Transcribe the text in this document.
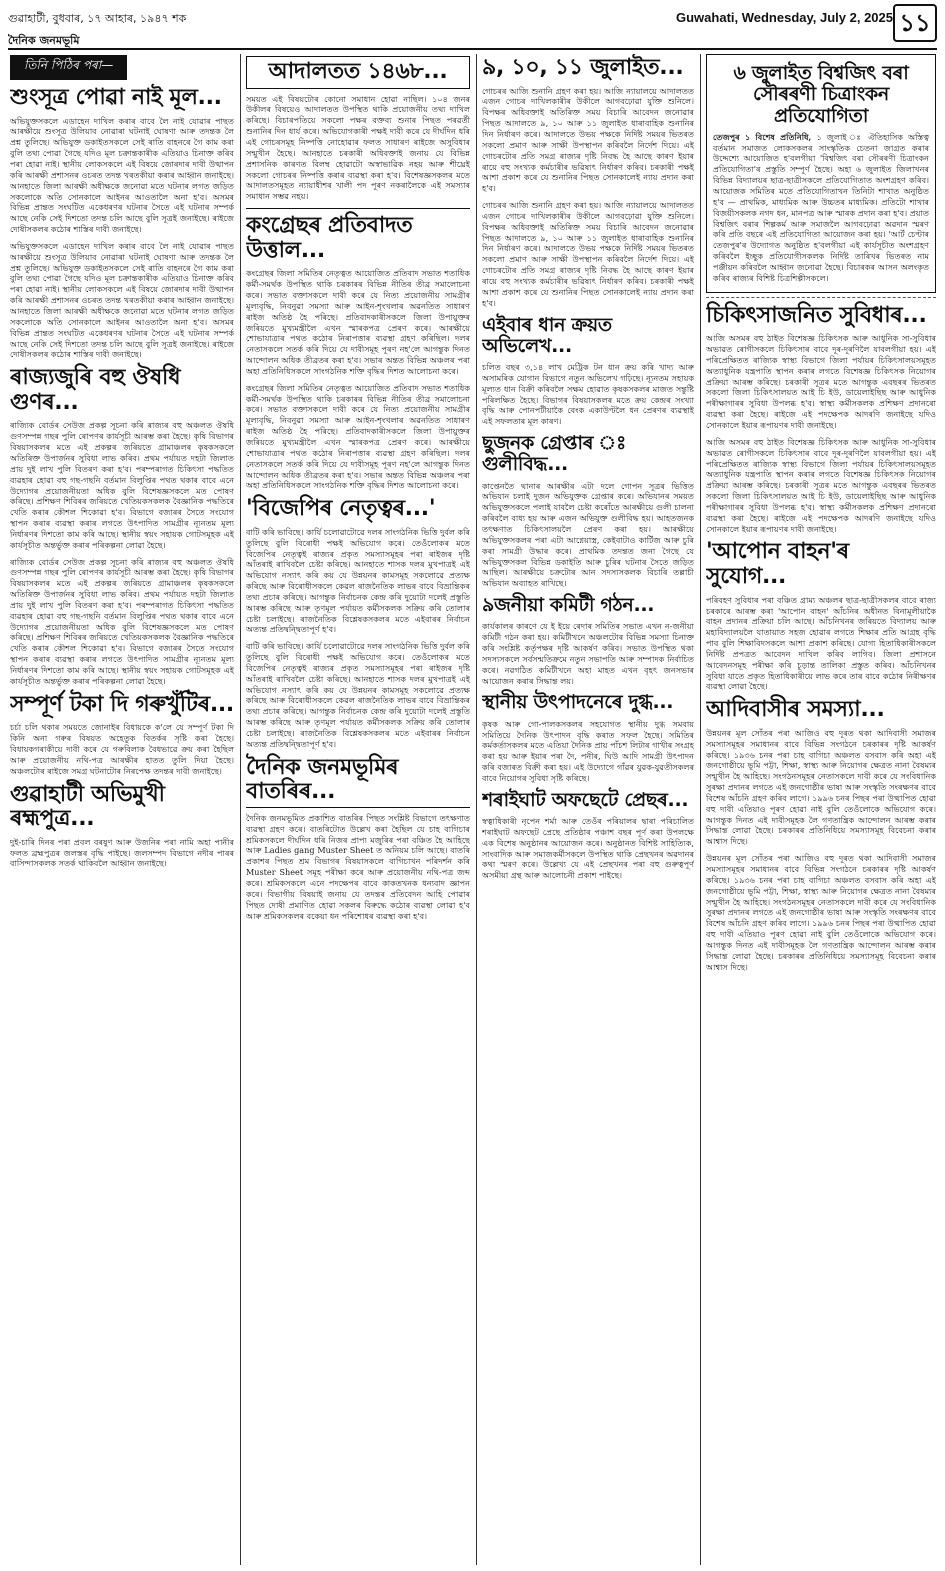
গুৱাহাটী, বুধবাৰ, ১৭ আহাৰ, ১৯৪৭ শক
দৈনিক জনমভূমি
Guwahati, Wednesday, July 2, 2025 ১১
তিনি পিঠিৰ পৰা—
শুংসূত্ৰ পোৱা নাই মূল...

অভিযুক্তসকলে এডাহেন দাখিল কৰাৰ বাবে লৈ নাই যোৱাৰ পাছত আৰক্ষীয়ে শুংসূত্ৰ উলিয়াব নোৱাৰা ঘটনাই ঘোষণা আৰু তদন্তক লৈ প্ৰশ্ন তুলিছে। অভিযুক্ত ডকাইতসকলে সেই ৰাতি বাহনৰে গৈ কাম কৰা বুলি তথ্য পোৱা গৈছে যদিও মূল চক্ৰান্তকাৰীক এতিয়াও চিনাক্ত কৰিব পৰা হোৱা নাই। স্থানীয় লোকসকলে এই বিষয়ে জোৰদাৰ দাবী উত্থাপন কৰি আৰক্ষী প্ৰশাসনৰ ওচৰত তদন্ত খৰতকীয়া কৰাৰ আহ্বান জনাইছে। আনহাতে জিলা আৰক্ষী অধীক্ষকে জনোৱা মতে ঘটনাৰ লগত জড়িত সকলোকে অতি সোনকালে আইনৰ আওতালৈ অনা হ'ব। অসমৰ বিভিন্ন প্ৰান্তত সংঘটিত একেধৰণৰ ঘটনাৰ সৈতে এই ঘটনাৰ সম্পৰ্ক আছে নেকি সেই দিশতো তদন্ত চলি আছে বুলি সূত্ৰই জনাইছে। ৰাইজে দোষীসকলৰ কঠোৰ শাস্তিৰ দাবী জনাইছে।

অভিযুক্তসকলে এডাহেন দাখিল কৰাৰ বাবে লৈ নাই যোৱাৰ পাছত আৰক্ষীয়ে শুংসূত্ৰ উলিয়াব নোৱাৰা ঘটনাই ঘোষণা আৰু তদন্তক লৈ প্ৰশ্ন তুলিছে। অভিযুক্ত ডকাইতসকলে সেই ৰাতি বাহনৰে গৈ কাম কৰা বুলি তথ্য পোৱা গৈছে যদিও মূল চক্ৰান্তকাৰীক এতিয়াও চিনাক্ত কৰিব পৰা হোৱা নাই। স্থানীয় লোকসকলে এই বিষয়ে জোৰদাৰ দাবী উত্থাপন কৰি আৰক্ষী প্ৰশাসনৰ ওচৰত তদন্ত খৰতকীয়া কৰাৰ আহ্বান জনাইছে। আনহাতে জিলা আৰক্ষী অধীক্ষকে জনোৱা মতে ঘটনাৰ লগত জড়িত সকলোকে অতি সোনকালে আইনৰ আওতালৈ অনা হ'ব। অসমৰ বিভিন্ন প্ৰান্তত সংঘটিত একেধৰণৰ ঘটনাৰ সৈতে এই ঘটনাৰ সম্পৰ্ক আছে নেকি সেই দিশতো তদন্ত চলি আছে বুলি সূত্ৰই জনাইছে। ৰাইজে দোষীসকলৰ কঠোৰ শাস্তিৰ দাবী জনাইছে।

ৰাজ্যজুৰি বহু ঔষধি গুণৰ...

ৰাজ্যিক বোৰ্ডৰ সেউজ প্ৰকল্প সূচনা কৰি ৰাজ্যৰ বহু অঞ্চলত ঔষধি গুণসম্পন্ন গছৰ পুলি ৰোপণৰ কাৰ্যসূচী আৰম্ভ কৰা হৈছে। কৃষি বিভাগৰ বিষয়াসকলৰ মতে এই প্ৰকল্পৰ জৰিয়তে গ্ৰামাঞ্চলৰ কৃষকসকলে অতিৰিক্ত উপাৰ্জনৰ সুবিধা লাভ কৰিব। প্ৰথম পৰ্যায়ত দহটা জিলাত প্ৰায় দুই লাখ পুলি বিতৰণ কৰা হ'ব। পৰম্পৰাগত চিকিৎসা পদ্ধতিত ব্যৱহাৰ হোৱা বহু গছ-গছনি বৰ্তমান বিলুপ্তিৰ পথত থকাৰ বাবে এনে উদ্যোগৰ প্ৰয়োজনীয়তা অধিক বুলি বিশেষজ্ঞসকলে মত পোষণ কৰিছে। প্ৰশিক্ষণ শিবিৰৰ জৰিয়তে খেতিয়কসকলক বৈজ্ঞানিক পদ্ধতিৰে খেতি কৰাৰ কৌশল শিকোৱা হ'ব। বিভাগে বজাৰৰ সৈতে সংযোগ স্থাপন কৰাৰ ব্যৱস্থা কৰাৰ লগতে উৎপাদিত সামগ্ৰীৰ ন্যূনতম মূল্য নিৰ্ধাৰণৰ দিশতো কাম কৰি আছে। স্থানীয় স্বয়ং সহায়ক গোটসমূহক এই কাৰ্যসূচীত অন্তৰ্ভুক্ত কৰাৰ পৰিকল্পনা লোৱা হৈছে।

ৰাজ্যিক বোৰ্ডৰ সেউজ প্ৰকল্প সূচনা কৰি ৰাজ্যৰ বহু অঞ্চলত ঔষধি গুণসম্পন্ন গছৰ পুলি ৰোপণৰ কাৰ্যসূচী আৰম্ভ কৰা হৈছে। কৃষি বিভাগৰ বিষয়াসকলৰ মতে এই প্ৰকল্পৰ জৰিয়তে গ্ৰামাঞ্চলৰ কৃষকসকলে অতিৰিক্ত উপাৰ্জনৰ সুবিধা লাভ কৰিব। প্ৰথম পৰ্যায়ত দহটা জিলাত প্ৰায় দুই লাখ পুলি বিতৰণ কৰা হ'ব। পৰম্পৰাগত চিকিৎসা পদ্ধতিত ব্যৱহাৰ হোৱা বহু গছ-গছনি বৰ্তমান বিলুপ্তিৰ পথত থকাৰ বাবে এনে উদ্যোগৰ প্ৰয়োজনীয়তা অধিক বুলি বিশেষজ্ঞসকলে মত পোষণ কৰিছে। প্ৰশিক্ষণ শিবিৰৰ জৰিয়তে খেতিয়কসকলক বৈজ্ঞানিক পদ্ধতিৰে খেতি কৰাৰ কৌশল শিকোৱা হ'ব। বিভাগে বজাৰৰ সৈতে সংযোগ স্থাপন কৰাৰ ব্যৱস্থা কৰাৰ লগতে উৎপাদিত সামগ্ৰীৰ ন্যূনতম মূল্য নিৰ্ধাৰণৰ দিশতো কাম কৰি আছে। স্থানীয় স্বয়ং সহায়ক গোটসমূহক এই কাৰ্যসূচীত অন্তৰ্ভুক্ত কৰাৰ পৰিকল্পনা লোৱা হৈছে।

সম্পূৰ্ণ টকা দি গৰুখুঁটিৰ...

চৰ্চা চলি থকাৰ সময়তে জোনাইৰ বিধায়কে ক'লে যে সম্পূৰ্ণ টকা দি কিনি অনা গৰুৰ বিষয়ত অহেতুক বিতৰ্কৰ সৃষ্টি কৰা হৈছে। বিধায়কগৰাকীয়ে দাবী কৰে যে গৰুবিলাক বৈধভাৱে ক্ৰয় কৰা হৈছিল আৰু প্ৰয়োজনীয় নথি-পত্ৰ আৰক্ষীৰ হাতত তুলি দিয়া হৈছে। অঞ্চলটোৰ ৰাইজে সমগ্ৰ ঘটনাটোৰ নিৰপেক্ষ তদন্তৰ দাবী জনাইছে।

গুৱাহাটী অভিমুখী ৰহ্মপুত্ৰ...

দুই-চাৰি দিনৰ পৰা প্ৰবল বৰষুণ আৰু উজনিৰ পৰা নামি অহা পানীৰ ফলত ব্ৰহ্মপুত্ৰৰ জলস্তৰ বৃদ্ধি পাইছে। জলসম্পদ বিভাগে নদীৰ পাৰৰ বাসিন্দাসকলক সতৰ্ক থাকিবলৈ আহ্বান জনাইছে।

আদালতত ১৪৬৮...

সময়ত এই বিষয়টোৰ কোনো সমাধান হোৱা নাছিল। ১০৪ জনৰ উকীলৰ বিষয়েও আদালতত উপস্থিত থাকি প্ৰয়োজনীয় তথ্য দাখিল কৰিছে। বিচাৰপতিয়ে সকলো পক্ষৰ বক্তব্য শুনাৰ পিছত পৰৱৰ্তী শুনানিৰ দিন ধাৰ্য কৰে। অভিযোগকাৰী পক্ষই দাবী কৰে যে দীৰ্ঘদিন ধৰি এই গোচৰসমূহ নিষ্পত্তি নোহোৱাৰ ফলত সাধাৰণ ৰাইজে অসুবিধাৰ সন্মুখীন হৈছে। আনহাতে চৰকাৰী অধিবক্তাই জনায় যে বিভিন্ন প্ৰশাসনিক কাৰণত বিলম্ব হোৱাটো অস্বাভাৱিক নহয় আৰু শীঘ্ৰেই সকলো গোচৰৰ নিষ্পত্তি কৰাৰ ব্যৱস্থা কৰা হ'ব। বিশেষজ্ঞসকলৰ মতে আদালতসমূহত ন্যায়াধীশৰ খালী পদ পূৰণ নকৰালৈকে এই সমস্যাৰ সমাধান সম্ভৱ নহয়।

কংগ্ৰেছৰ প্ৰতিবাদত উত্তাল...

কংগ্ৰেছৰ জিলা সমিতিৰ নেতৃত্বত আয়োজিত প্ৰতিবাদ সভাত শতাধিক কৰ্মী-সমৰ্থক উপস্থিত থাকি চৰকাৰৰ বিভিন্ন নীতিৰ তীব্ৰ সমালোচনা কৰে। সভাত বক্তাসকলে দাবী কৰে যে নিত্য প্ৰয়োজনীয় সামগ্ৰীৰ মূল্যবৃদ্ধি, নিবনুৱা সমস্যা আৰু আইন-শৃংখলাৰ অৱনতিত সাধাৰণ ৰাইজ অতিষ্ঠ হৈ পৰিছে। প্ৰতিবাদকাৰীসকলে জিলা উপায়ুক্তৰ জৰিয়তে মুখ্যমন্ত্ৰীলৈ এখন স্মাৰকপত্ৰ প্ৰেৰণ কৰে। আৰক্ষীয়ে শোভাযাত্ৰাৰ পথত কঠোৰ নিৰাপত্তাৰ ব্যৱস্থা গ্ৰহণ কৰিছিল। দলৰ নেতাসকলে সতৰ্ক কৰি দিয়ে যে দাবীসমূহ পূৰণ নহ'লে আগন্তুক দিনত আন্দোলন অধিক তীব্ৰতৰ কৰা হ'ব। সভাৰ অন্তত বিভিন্ন অঞ্চলৰ পৰা অহা প্ৰতিনিধিসকলে সাংগঠনিক শক্তি বৃদ্ধিৰ দিশত আলোচনা কৰে।

কংগ্ৰেছৰ জিলা সমিতিৰ নেতৃত্বত আয়োজিত প্ৰতিবাদ সভাত শতাধিক কৰ্মী-সমৰ্থক উপস্থিত থাকি চৰকাৰৰ বিভিন্ন নীতিৰ তীব্ৰ সমালোচনা কৰে। সভাত বক্তাসকলে দাবী কৰে যে নিত্য প্ৰয়োজনীয় সামগ্ৰীৰ মূল্যবৃদ্ধি, নিবনুৱা সমস্যা আৰু আইন-শৃংখলাৰ অৱনতিত সাধাৰণ ৰাইজ অতিষ্ঠ হৈ পৰিছে। প্ৰতিবাদকাৰীসকলে জিলা উপায়ুক্তৰ জৰিয়তে মুখ্যমন্ত্ৰীলৈ এখন স্মাৰকপত্ৰ প্ৰেৰণ কৰে। আৰক্ষীয়ে শোভাযাত্ৰাৰ পথত কঠোৰ নিৰাপত্তাৰ ব্যৱস্থা গ্ৰহণ কৰিছিল। দলৰ নেতাসকলে সতৰ্ক কৰি দিয়ে যে দাবীসমূহ পূৰণ নহ'লে আগন্তুক দিনত আন্দোলন অধিক তীব্ৰতৰ কৰা হ'ব। সভাৰ অন্তত বিভিন্ন অঞ্চলৰ পৰা অহা প্ৰতিনিধিসকলে সাংগঠনিক শক্তি বৃদ্ধিৰ দিশত আলোচনা কৰে।

'বিজেপিৰ নেতৃত্বৰ...'

বাটি কৰি ভাবিছে। কাৰ্যি চলোৱাটোৱে দলৰ সাংগঠনিক ভিত্তি দুৰ্বল কৰি তুলিছে বুলি বিৰোধী পক্ষই অভিযোগ কৰে। তেওঁলোকৰ মতে বিজেপিৰ নেতৃত্বই ৰাজ্যৰ প্ৰকৃত সমস্যাসমূহৰ পৰা ৰাইজৰ দৃষ্টি আঁতৰাই ৰাখিবলৈ চেষ্টা কৰিছে। আনহাতে শাসক দলৰ মুখপাত্ৰই এই অভিযোগ নস্যাৎ কৰি কয় যে উন্নয়নৰ কামসমূহ সকলোৱে প্ৰত্যক্ষ কৰিছে আৰু বিৰোধীসকলে কেৱল ৰাজনৈতিক লাভৰ বাবে বিভ্ৰান্তিকৰ তথ্য প্ৰচাৰ কৰিছে। আগন্তুক নিৰ্বাচনক কেন্দ্ৰ কৰি দুয়োটা দলেই প্ৰস্তুতি আৰম্ভ কৰিছে আৰু তৃণমূল পৰ্যায়ত কৰ্মীসকলক সক্ৰিয় কৰি তোলাৰ চেষ্টা চলাইছে। ৰাজনৈতিক বিশ্লেষকসকলৰ মতে এইবাৰৰ নিৰ্বাচন অত্যন্ত প্ৰতিদ্বন্দ্বিতাপূৰ্ণ হ'ব।

বাটি কৰি ভাবিছে। কাৰ্যি চলোৱাটোৱে দলৰ সাংগঠনিক ভিত্তি দুৰ্বল কৰি তুলিছে বুলি বিৰোধী পক্ষই অভিযোগ কৰে। তেওঁলোকৰ মতে বিজেপিৰ নেতৃত্বই ৰাজ্যৰ প্ৰকৃত সমস্যাসমূহৰ পৰা ৰাইজৰ দৃষ্টি আঁতৰাই ৰাখিবলৈ চেষ্টা কৰিছে। আনহাতে শাসক দলৰ মুখপাত্ৰই এই অভিযোগ নস্যাৎ কৰি কয় যে উন্নয়নৰ কামসমূহ সকলোৱে প্ৰত্যক্ষ কৰিছে আৰু বিৰোধীসকলে কেৱল ৰাজনৈতিক লাভৰ বাবে বিভ্ৰান্তিকৰ তথ্য প্ৰচাৰ কৰিছে। আগন্তুক নিৰ্বাচনক কেন্দ্ৰ কৰি দুয়োটা দলেই প্ৰস্তুতি আৰম্ভ কৰিছে আৰু তৃণমূল পৰ্যায়ত কৰ্মীসকলক সক্ৰিয় কৰি তোলাৰ চেষ্টা চলাইছে। ৰাজনৈতিক বিশ্লেষকসকলৰ মতে এইবাৰৰ নিৰ্বাচন অত্যন্ত প্ৰতিদ্বন্দ্বিতাপূৰ্ণ হ'ব।

দৈনিক জনমভূমিৰ বাতৰিৰ...

দৈনিক জনমভূমিত প্ৰকাশিত বাতৰিৰ পিছত সংশ্লিষ্ট বিভাগে তৎক্ষণাত ব্যৱস্থা গ্ৰহণ কৰে। বাতৰিটোত উল্লেখ কৰা হৈছিল যে চাহ বাগিচাৰ শ্ৰমিকসকলে দীৰ্ঘদিন ধৰি নিজৰ প্ৰাপ্য মজুৰিৰ পৰা বঞ্চিত হৈ আহিছে আৰু Ladies gang Muster Sheet ত অনিয়ম চলি আছে। বাতৰি প্ৰকাশৰ পিছত শ্ৰম বিভাগৰ বিষয়াসকলে বাগিচাখন পৰিদৰ্শন কৰি Muster Sheet সমূহ পৰীক্ষা কৰে আৰু প্ৰয়োজনীয় নথি-পত্ৰ জব্দ কৰে। শ্ৰমিকসকলে এনে পদক্ষেপৰ বাবে কাকতখনক ধন্যবাদ জ্ঞাপন কৰে। বিভাগীয় বিষয়াই জনায় যে তদন্তৰ প্ৰতিবেদন আহি পোৱাৰ পিছত দোষী প্ৰমাণিত হোৱা সকলৰ বিৰুদ্ধে কঠোৰ ব্যৱস্থা লোৱা হ'ব আৰু শ্ৰমিকসকলৰ বকেয়া ধন পৰিশোধৰ ব্যৱস্থা কৰা হ'ব।

৯, ১০, ১১ জুলাইত...

গোচৰৰ আজি শুনানি গ্ৰহণ কৰা হয়। আজি ন্যায়ালয়ে আদালতত এজন গোচৰ দাখিলকাৰীৰ উকীলে আগবঢ়োৱা যুক্তি শুনিলে। বিপক্ষৰ অধিবক্তাই অতিৰিক্ত সময় বিচাৰি আবেদন জনোৱাৰ পিছত আদালতে ৯, ১০ আৰু ১১ জুলাইত ধাৰাবাহিক শুনানিৰ দিন নিৰ্ধাৰণ কৰে। আদালতে উভয় পক্ষকে নিৰ্দিষ্ট সময়ৰ ভিতৰত সকলো প্ৰমাণ আৰু সাক্ষী উপস্থাপন কৰিবলৈ নিৰ্দেশ দিয়ে। এই গোচৰটোৰ প্ৰতি সমগ্ৰ ৰাজ্যৰ দৃষ্টি নিবদ্ধ হৈ আছে কাৰণ ইয়াৰ ৰায়ে বহু সংখ্যক কৰ্মচাৰীৰ ভৱিষ্যৎ নিৰ্ধাৰণ কৰিব। চৰকাৰী পক্ষই আশা প্ৰকাশ কৰে যে শুনানিৰ পিছত সোনকালেই ন্যায় প্ৰদান কৰা হ'ব।

গোচৰৰ আজি শুনানি গ্ৰহণ কৰা হয়। আজি ন্যায়ালয়ে আদালতত এজন গোচৰ দাখিলকাৰীৰ উকীলে আগবঢ়োৱা যুক্তি শুনিলে। বিপক্ষৰ অধিবক্তাই অতিৰিক্ত সময় বিচাৰি আবেদন জনোৱাৰ পিছত আদালতে ৯, ১০ আৰু ১১ জুলাইত ধাৰাবাহিক শুনানিৰ দিন নিৰ্ধাৰণ কৰে। আদালতে উভয় পক্ষকে নিৰ্দিষ্ট সময়ৰ ভিতৰত সকলো প্ৰমাণ আৰু সাক্ষী উপস্থাপন কৰিবলৈ নিৰ্দেশ দিয়ে। এই গোচৰটোৰ প্ৰতি সমগ্ৰ ৰাজ্যৰ দৃষ্টি নিবদ্ধ হৈ আছে কাৰণ ইয়াৰ ৰায়ে বহু সংখ্যক কৰ্মচাৰীৰ ভৱিষ্যৎ নিৰ্ধাৰণ কৰিব। চৰকাৰী পক্ষই আশা প্ৰকাশ কৰে যে শুনানিৰ পিছত সোনকালেই ন্যায় প্ৰদান কৰা হ'ব।

এইবাৰ ধান ক্ৰয়ত অভিলেখ...

চলিত বছৰ ৩,১৪ লাখ মেট্ৰিক টন ধান ক্ৰয় কৰি খাদ্য আৰু অসামৰিক যোগান বিভাগে নতুন অভিলেখ গঢ়িছে। ন্যূনতম সহায়ক মূল্যত ধান বিক্ৰী কৰিবলৈ সক্ষম হোৱাত কৃষকসকলৰ মাজত সন্তুষ্টি পৰিলক্ষিত হৈছে। বিভাগৰ বিষয়াসকলৰ মতে ক্ৰয় কেন্দ্ৰৰ সংখ্যা বৃদ্ধি আৰু পোনপটীয়াকৈ বেংক একাউণ্টলৈ ধন প্ৰেৰণৰ ব্যৱস্থাই এই সফলতাৰ মূল কাৰণ।

ছুজনক গ্ৰেপ্তাৰ ঃ গুলীবিদ্ধ...

কাপ্তেনতৈ থানাৰ আৰক্ষীৰ এটা দলে গোপন সূত্ৰৰ ভিত্তিত অভিযান চলাই দুজন অভিযুক্তক গ্ৰেপ্তাৰ কৰে। অভিযানৰ সময়ত অভিযুক্তসকলে পলাই যাবলৈ চেষ্টা কৰোঁতে আৰক্ষীয়ে গুলী চালনা কৰিবলৈ বাধ্য হয় আৰু এজন অভিযুক্ত গুলীবিদ্ধ হয়। আহতজনক তৎক্ষণাত চিকিৎসালয়লৈ প্ৰেৰণ কৰা হয়। আৰক্ষীয়ে অভিযুক্তসকলৰ পৰা এটা আগ্নেয়াস্ত্ৰ, কেইবাটাও কাৰ্টিজ আৰু চুৰি কৰা সামগ্ৰী উদ্ধাৰ কৰে। প্ৰাথমিক তদন্তত জনা গৈছে যে অভিযুক্তসকল বিভিন্ন ডকাইতি আৰু চুৰিৰ ঘটনাৰ সৈতে জড়িত আছিল। আৰক্ষীয়ে চক্ৰটোৰ আন সদস্যসকলক বিচাৰি তল্লাচী অভিযান অব্যাহত ৰাখিছে।

৯জনীয়া কমিটী গঠন...

কাৰ্যকালৰ কাৰণে যে ই ইয়ে ৰেদাৰ সমিতিৰ সভাত এখন ন-জনীয়া কমিটী গঠন কৰা হয়। কমিটীখনে অঞ্চলটোৰ বিভিন্ন সমস্যা চিনাক্ত কৰি সংশ্লিষ্ট কৰ্তৃপক্ষৰ দৃষ্টি আকৰ্ষণ কৰিব। সভাত উপস্থিত থকা সদস্যসকলে সৰ্বসন্মতিক্ৰমে নতুন সভাপতি আৰু সম্পাদক নিৰ্বাচিত কৰে। নৱগঠিত কমিটীখনে অহা মাহত এখন বৃহৎ জনসভাৰ আয়োজন কৰাৰ সিদ্ধান্ত লয়।

স্থানীয় উৎপাদনেৰে দুগ্ধ...

কৃষক আৰু গো-পালকসকলৰ সহযোগত স্থানীয় দুগ্ধ সমবায় সমিতিয়ে দৈনিক উৎপাদন বৃদ্ধি কৰাত সফল হৈছে। সমিতিৰ কৰ্মকৰ্তাসকলৰ মতে এতিয়া দৈনিক প্ৰায় পাঁচশ লিটাৰ গাখীৰ সংগ্ৰহ কৰা হয় আৰু ইয়াৰ পৰা দৈ, পনীৰ, ঘিউ আদি সামগ্ৰী উৎপাদন কৰি বজাৰত বিক্ৰী কৰা হয়। এই উদ্যোগে গাঁৱৰ যুৱক-যুৱতীসকলৰ বাবে নিয়োগৰ সুবিধা সৃষ্টি কৰিছে।

শৰাইঘাট অফছেটে প্ৰেছৰ...

স্বত্বাধিকাৰী নৃপেন শৰ্মা আৰু তেওঁৰ পৰিয়ালৰ দ্বাৰা পৰিচালিত শৰাইঘাট অফছেট প্ৰেছে প্ৰতিষ্ঠাৰ পঞ্চাশ বছৰ পূৰ্ণ কৰা উপলক্ষে এক বিশেষ অনুষ্ঠানৰ আয়োজন কৰে। অনুষ্ঠানত বিশিষ্ট সাহিত্যিক, সাংবাদিক আৰু সমাজকৰ্মীসকলে উপস্থিত থাকি প্ৰেছখনৰ অৱদানৰ কথা স্মৰণ কৰে। উল্লেখ্য যে এই প্ৰেছখনৰ পৰা বহু গুৰুত্বপূৰ্ণ অসমীয়া গ্ৰন্থ আৰু আলোচনী প্ৰকাশ পাইছে।

৬ জুলাইত বিশ্বজিৎ বৰা সৌৰৰণী চিত্ৰাংকন প্ৰতিযোগিতা

তেজপুৰ ১ বিশেষ প্ৰতিনিধি, ১ জুলাই ঃ ঐতিহাসিক অস্তিত্ব বৰ্তমান সমাজত লোকসকলৰ সাংস্কৃতিক চেতনা জাগ্ৰত কৰাৰ উদ্দেশ্যে আয়োজিত হ'বলগীয়া 'বিশ্বজিৎ বৰা সৌৰৰণী চিত্ৰাংকন প্ৰতিযোগিতা'ৰ প্ৰস্তুতি সম্পূৰ্ণ হৈছে। অহা ৬ জুলাইত জিলাখনৰ বিভিন্ন বিদ্যালয়ৰ ছাত্ৰ-ছাত্ৰীসকলে প্ৰতিযোগিতাত অংশগ্ৰহণ কৰিব। আয়োজক সমিতিৰ মতে প্ৰতিযোগিতাখন তিনিটা শাখাত অনুষ্ঠিত হ'ব — প্ৰাথমিক, মাধ্যমিক আৰু উচ্চতৰ মাধ্যমিক। প্ৰতিটো শাখাৰ বিজয়ীসকলক নগদ ধন, মানপত্ৰ আৰু স্মাৰক প্ৰদান কৰা হ'ব। প্ৰয়াত বিশ্বজিৎ বৰাৰ শিল্পকৰ্ম আৰু সমাজলৈ আগবঢ়োৱা অৱদান স্মৰণ কৰি প্ৰতি বছৰে এই প্ৰতিযোগিতা আয়োজন কৰা হয়। 'আৰ্ট চেণ্টাৰ তেজপুৰ'ৰ উদ্যোগত অনুষ্ঠিত হ'বলগীয়া এই কাৰ্যসূচীত অংশগ্ৰহণ কৰিবলৈ ইচ্ছুক প্ৰতিযোগীসকলক নিৰ্দিষ্ট তাৰিখৰ ভিতৰত নাম পঞ্জীয়ন কৰিবলৈ আহ্বান জনোৱা হৈছে। বিচাৰকৰ আসন অলংকৃত কৰিব ৰাজ্যৰ বিশিষ্ট চিত্ৰশিল্পীসকলে।

চিকিৎসাজনিত সুবিধাৰ...

আজি অসমৰ বহু ঠাইত বিশেষজ্ঞ চিকিৎসক আৰু আধুনিক সা-সুবিধাৰ অভাৱত ৰোগীসকলে চিকিৎসাৰ বাবে দূৰ-দূৰণিলৈ যাবলগীয়া হয়। এই পৰিপ্ৰেক্ষিতত ৰাজ্যিক স্বাস্থ্য বিভাগে জিলা পৰ্যায়ৰ চিকিৎসালয়সমূহত অত্যাধুনিক যন্ত্ৰপাতি স্থাপন কৰাৰ লগতে বিশেষজ্ঞ চিকিৎসক নিয়োগৰ প্ৰক্ৰিয়া আৰম্ভ কৰিছে। চৰকাৰী সূত্ৰৰ মতে আগন্তুক এবছৰৰ ভিতৰত সকলো জিলা চিকিৎসালয়ত আই চি ইউ, ডায়েলাইছিছ আৰু আধুনিক পৰীক্ষাগাৰৰ সুবিধা উপলব্ধ হ'ব। স্বাস্থ্য কৰ্মীসকলক প্ৰশিক্ষণ প্ৰদানৰো ব্যৱস্থা কৰা হৈছে। ৰাইজে এই পদক্ষেপক আদৰণি জনাইছে যদিও সোনকালে ইয়াৰ ৰূপায়ণৰ দাবী জনাইছে।

আজি অসমৰ বহু ঠাইত বিশেষজ্ঞ চিকিৎসক আৰু আধুনিক সা-সুবিধাৰ অভাৱত ৰোগীসকলে চিকিৎসাৰ বাবে দূৰ-দূৰণিলৈ যাবলগীয়া হয়। এই পৰিপ্ৰেক্ষিতত ৰাজ্যিক স্বাস্থ্য বিভাগে জিলা পৰ্যায়ৰ চিকিৎসালয়সমূহত অত্যাধুনিক যন্ত্ৰপাতি স্থাপন কৰাৰ লগতে বিশেষজ্ঞ চিকিৎসক নিয়োগৰ প্ৰক্ৰিয়া আৰম্ভ কৰিছে। চৰকাৰী সূত্ৰৰ মতে আগন্তুক এবছৰৰ ভিতৰত সকলো জিলা চিকিৎসালয়ত আই চি ইউ, ডায়েলাইছিছ আৰু আধুনিক পৰীক্ষাগাৰৰ সুবিধা উপলব্ধ হ'ব। স্বাস্থ্য কৰ্মীসকলক প্ৰশিক্ষণ প্ৰদানৰো ব্যৱস্থা কৰা হৈছে। ৰাইজে এই পদক্ষেপক আদৰণি জনাইছে যদিও সোনকালে ইয়াৰ ৰূপায়ণৰ দাবী জনাইছে।

'আপোন বাহন'ৰ সুযোগ...

পৰিবহণ সুবিধাৰ পৰা বঞ্চিত গ্ৰাম্য অঞ্চলৰ ছাত্ৰ-ছাত্ৰীসকলৰ বাবে ৰাজ্য চৰকাৰে আৰম্ভ কৰা 'আপোন বাহন' আঁচনিৰ অধীনত বিনামূলীয়াকৈ বাহন প্ৰদানৰ প্ৰক্ৰিয়া চলি আছে। আঁচনিখনৰ জৰিয়তে বিদ্যালয় আৰু মহাবিদ্যালয়লৈ যাতায়াত সহজ হোৱাৰ লগতে শিক্ষাৰ প্ৰতি আগ্ৰহ বৃদ্ধি পাব বুলি শিক্ষাবিদসকলে আশা প্ৰকাশ কৰিছে। যোগ্য হিতাধিকাৰীসকলে নিৰ্দিষ্ট প্ৰপত্ৰত আবেদন দাখিল কৰিব লাগিব। জিলা প্ৰশাসনে আবেদনসমূহ পৰীক্ষা কৰি চূড়ান্ত তালিকা প্ৰস্তুত কৰিব। আঁচনিখনৰ সুবিধা যাতে প্ৰকৃত হিতাধিকাৰীয়ে লাভ কৰে তাৰ বাবে কঠোৰ নিৰীক্ষণৰ ব্যৱস্থা লোৱা হৈছে।

আদিবাসীৰ সমস্যা...

উন্নয়নৰ মূল সোঁতৰ পৰা আজিও বহু দূৰত থকা আদিবাসী সমাজৰ সমস্যাসমূহৰ সমাধানৰ বাবে বিভিন্ন সংগঠনে চৰকাৰৰ দৃষ্টি আকৰ্ষণ কৰিছে। ১৯৩৬ চনৰ পৰা চাহ বাগিচা অঞ্চলত বসবাস কৰি অহা এই জনগোষ্ঠীয়ে ভূমি পট্টা, শিক্ষা, স্বাস্থ্য আৰু নিয়োগৰ ক্ষেত্ৰত নানা বৈষম্যৰ সন্মুখীন হৈ আহিছে। সংগঠনসমূহৰ নেতাসকলে দাবী কৰে যে সংবিধানিক সুৰক্ষা প্ৰদানৰ লগতে এই জনগোষ্ঠীৰ ভাষা আৰু সংস্কৃতি সংৰক্ষণৰ বাবে বিশেষ আঁচনি গ্ৰহণ কৰিব লাগে। ১৯৯৬ চনৰ পিছৰ পৰা উত্থাপিত হোৱা বহু দাবী এতিয়াও পূৰণ হোৱা নাই বুলি তেওঁলোকে অভিযোগ কৰে। আগন্তুক দিনত এই দাবীসমূহক লৈ গণতান্ত্ৰিক আন্দোলন আৰম্ভ কৰাৰ সিদ্ধান্ত লোৱা হৈছে। চৰকাৰৰ প্ৰতিনিধিয়ে সমস্যাসমূহ বিবেচনা কৰাৰ আশ্বাস দিছে।

উন্নয়নৰ মূল সোঁতৰ পৰা আজিও বহু দূৰত থকা আদিবাসী সমাজৰ সমস্যাসমূহৰ সমাধানৰ বাবে বিভিন্ন সংগঠনে চৰকাৰৰ দৃষ্টি আকৰ্ষণ কৰিছে। ১৯৩৬ চনৰ পৰা চাহ বাগিচা অঞ্চলত বসবাস কৰি অহা এই জনগোষ্ঠীয়ে ভূমি পট্টা, শিক্ষা, স্বাস্থ্য আৰু নিয়োগৰ ক্ষেত্ৰত নানা বৈষম্যৰ সন্মুখীন হৈ আহিছে। সংগঠনসমূহৰ নেতাসকলে দাবী কৰে যে সংবিধানিক সুৰক্ষা প্ৰদানৰ লগতে এই জনগোষ্ঠীৰ ভাষা আৰু সংস্কৃতি সংৰক্ষণৰ বাবে বিশেষ আঁচনি গ্ৰহণ কৰিব লাগে। ১৯৯৬ চনৰ পিছৰ পৰা উত্থাপিত হোৱা বহু দাবী এতিয়াও পূৰণ হোৱা নাই বুলি তেওঁলোকে অভিযোগ কৰে। আগন্তুক দিনত এই দাবীসমূহক লৈ গণতান্ত্ৰিক আন্দোলন আৰম্ভ কৰাৰ সিদ্ধান্ত লোৱা হৈছে। চৰকাৰৰ প্ৰতিনিধিয়ে সমস্যাসমূহ বিবেচনা কৰাৰ আশ্বাস দিছে।
